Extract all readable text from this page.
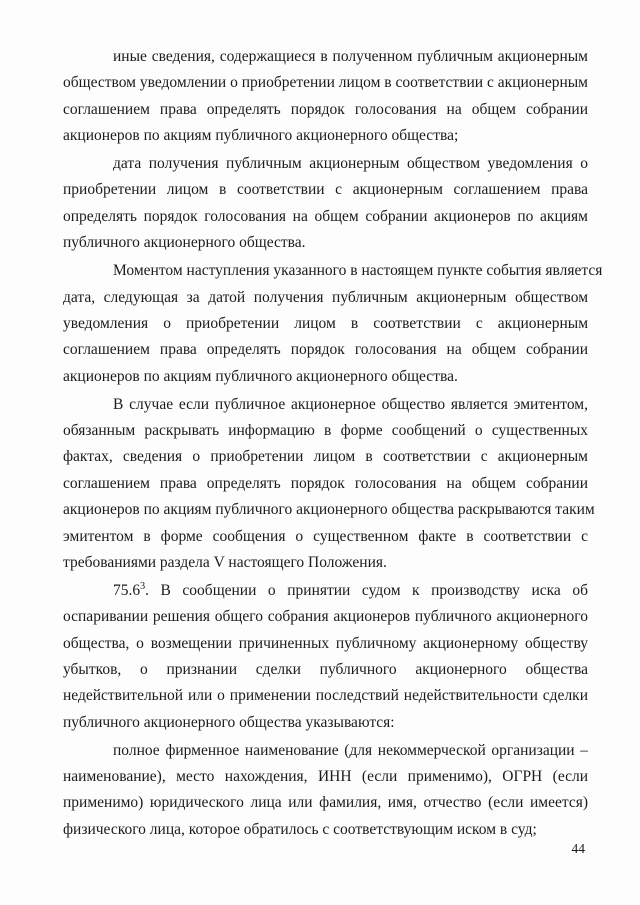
иные сведения, содержащиеся в полученном публичным акционерным
обществом уведомлении о приобретении лицом в соответствии с акционерным
соглашением права определять порядок голосования на общем собрании
акционеров по акциям публичного акционерного общества;
дата получения публичным акционерным обществом уведомления о
приобретении лицом в соответствии с акционерным соглашением права
определять порядок голосования на общем собрании акционеров по акциям
публичного акционерного общества.
Моментом наступления указанного в настоящем пункте события является
дата, следующая за датой получения публичным акционерным обществом
уведомления о приобретении лицом в соответствии с акционерным
соглашением права определять порядок голосования на общем собрании
акционеров по акциям публичного акционерного общества.
В случае если публичное акционерное общество является эмитентом,
обязанным раскрывать информацию в форме сообщений о существенных
фактах, сведения о приобретении лицом в соответствии с акционерным
соглашением права определять порядок голосования на общем собрании
акционеров по акциям публичного акционерного общества раскрываются таким
эмитентом в форме сообщения о существенном факте в соответствии с
требованиями раздела V настоящего Положения.
75.6$^3$. В сообщении о принятии судом к производству иска об
оспаривании решения общего собрания акционеров публичного акционерного
общества, о возмещении причиненных публичному акционерному обществу
убытков, о признании сделки публичного акционерного общества
недействительной или о применении последствий недействительности сделки
публичного акционерного общества указываются:
полное фирменное наименование (для некоммерческой организации –
наименование), место нахождения, ИНН (если применимо), ОГРН (если
применимо) юридического лица или фамилия, имя, отчество (если имеется)
физического лица, которое обратилось с соответствующим иском в суд;
44
